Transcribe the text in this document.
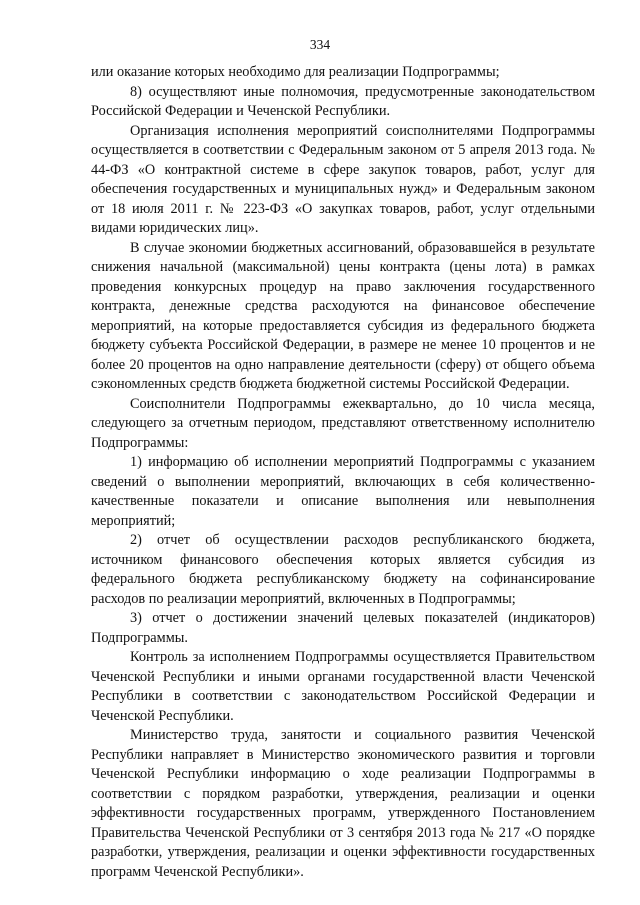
334

или оказание которых необходимо для реализации Подпрограммы;

8) осуществляют иные полномочия, предусмотренные законодательством Российской Федерации и Чеченской Республики.

Организация исполнения мероприятий соисполнителями Подпрограммы осуществляется в соответствии с Федеральным законом от 5 апреля 2013 года. № 44-ФЗ «О контрактной системе в сфере закупок товаров, работ, услуг для обеспечения государственных и муниципальных нужд» и Федеральным законом от 18 июля 2011 г. № 223-ФЗ «О закупках товаров, работ, услуг отдельными видами юридических лиц».

В случае экономии бюджетных ассигнований, образовавшейся в результате снижения начальной (максимальной) цены контракта (цены лота) в рамках проведения конкурсных процедур на право заключения государственного контракта, денежные средства расходуются на финансовое обеспечение мероприятий, на которые предоставляется субсидия из федерального бюджета бюджету субъекта Российской Федерации, в размере не менее 10 процентов и не более 20 процентов на одно направление деятельности (сферу) от общего объема сэкономленных средств бюджета бюджетной системы Российской Федерации.

Соисполнители Подпрограммы ежеквартально, до 10 числа месяца, следующего за отчетным периодом, представляют ответственному исполнителю Подпрограммы:

1) информацию об исполнении мероприятий Подпрограммы с указанием сведений о выполнении мероприятий, включающих в себя количественно-качественные показатели и описание выполнения или невыполнения мероприятий;

2) отчет об осуществлении расходов республиканского бюджета, источником финансового обеспечения которых является субсидия из федерального бюджета республиканскому бюджету на софинансирование расходов по реализации мероприятий, включенных в Подпрограммы;

3) отчет о достижении значений целевых показателей (индикаторов) Подпрограммы.

Контроль за исполнением Подпрограммы осуществляется Правительством Чеченской Республики и иными органами государственной власти Чеченской Республики в соответствии с законодательством Российской Федерации и Чеченской Республики.

Министерство труда, занятости и социального развития Чеченской Республики направляет в Министерство экономического развития и торговли Чеченской Республики информацию о ходе реализации Подпрограммы в соответствии с порядком разработки, утверждения, реализации и оценки эффективности государственных программ, утвержденного Постановлением Правительства Чеченской Республики от 3 сентября 2013 года № 217 «О порядке разработки, утверждения, реализации и оценки эффективности государственных программ Чеченской Республики».
